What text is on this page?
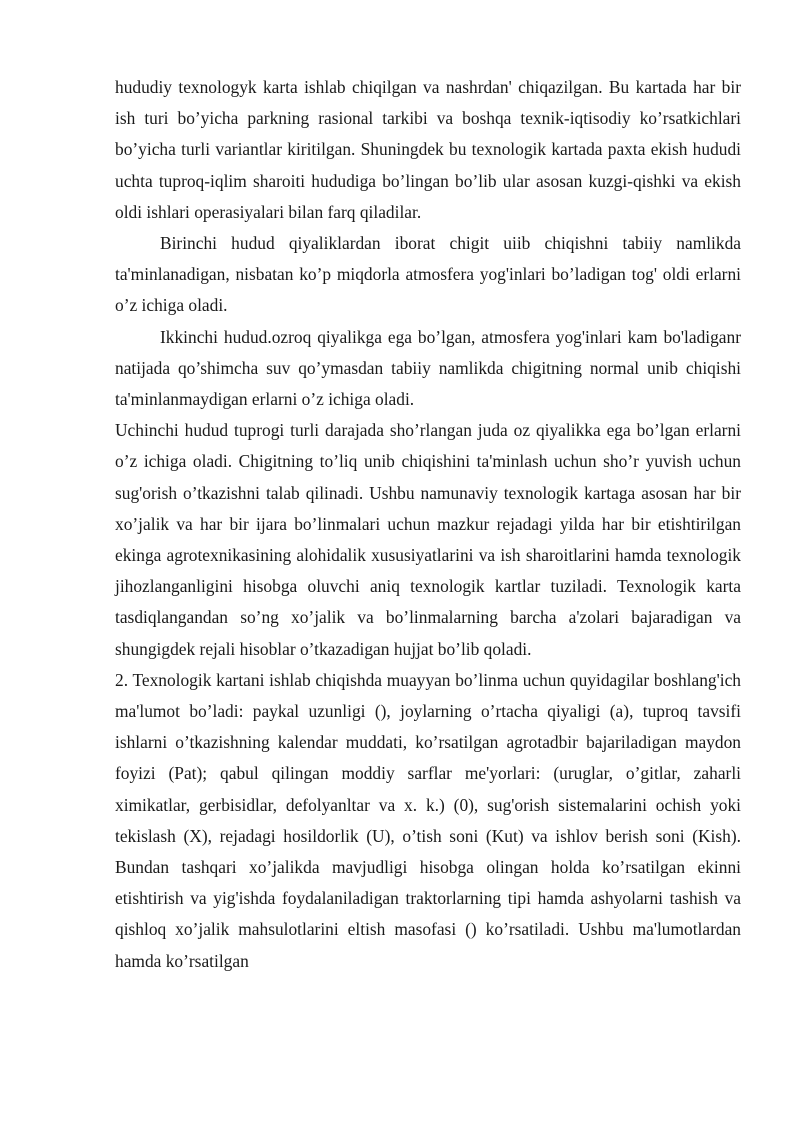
hududiy texnologyk karta ishlab chiqilgan va nashrdan' chiqazilgan. Bu kartada har bir ish turi bo’yicha parkning rasional tarkibi va boshqa texnik-iqtisodiy ko’rsatkichlari bo’yicha turli variantlar kiritilgan. Shuningdek bu texnologik kartada paxta ekish hududi uchta tuproq-iqlim sharoiti hududiga bo’lingan bo’lib ular asosan kuzgi-qishki va ekish oldi ishlari operasiyalari bilan farq qiladilar.

Birinchi hudud qiyaliklardan iborat chigit uiib chiqishni tabiiy namlikda ta'minlanadigan, nisbatan ko’p miqdorla atmosfera yog'inlari bo’ladigan tog' oldi erlarni o’z ichiga oladi.

Ikkinchi hudud.ozroq qiyalikga ega bo’lgan, atmosfera yog'inlari kam bo'ladiganr natijada qo’shimcha suv qo’ymasdan tabiiy namlikda chigitning normal unib chiqishi ta'minlanmaydigan erlarni o’z ichiga oladi.

Uchinchi hudud tuprogi turli darajada sho’rlangan juda oz qiyalikka ega bo’lgan erlarni o’z ichiga oladi. Chigitning to’liq unib chiqishini ta'minlash uchun sho’r yuvish uchun sug'orish o’tkazishni talab qilinadi. Ushbu namunaviy texnologik kartaga asosan har bir xo’jalik va har bir ijara bo’linmalari uchun mazkur rejadagi yilda har bir etishtirilgan ekinga agrotexnikasining alohidalik xususiyatlarini va ish sharoitlarini hamda texnologik jihozlanganligini hisobga oluvchi aniq texnologik kartlar tuziladi. Texnologik karta tasdiqlangandan so’ng xo’jalik va bo’linmalarning barcha a'zolari bajaradigan va shungigdek rejali hisoblar o’tkazadigan hujjat bo’lib qoladi.

2. Texnologik kartani ishlab chiqishda muayyan bo’linma uchun quyidagilar boshlang'ich ma'lumot bo’ladi: paykal uzunligi (), joylarning o’rtacha qiyaligi (a), tuproq tavsifi ishlarni o’tkazishning kalendar muddati, ko’rsatilgan agrotadbir bajariladigan maydon foyizi (Pat); qabul qilingan moddiy sarflar me'yorlari: (uruglar, o’gitlar, zaharli ximikatlar, gerbisidlar, defolyanltar va x. k.) (0), sug'orish sistemalarini ochish yoki tekislash (X), rejadagi hosildorlik (U), o’tish soni (Kut) va ishlov berish soni (Kish). Bundan tashqari xo’jalikda mavjudligi hisobga olingan holda ko’rsatilgan ekinni etishtirish va yig'ishda foydalaniladigan traktorlarning tipi hamda ashyolarni tashish va qishloq xo’jalik mahsulotlarini eltish masofasi () ko’rsatiladi. Ushbu ma'lumotlardan hamda ko’rsatilgan
